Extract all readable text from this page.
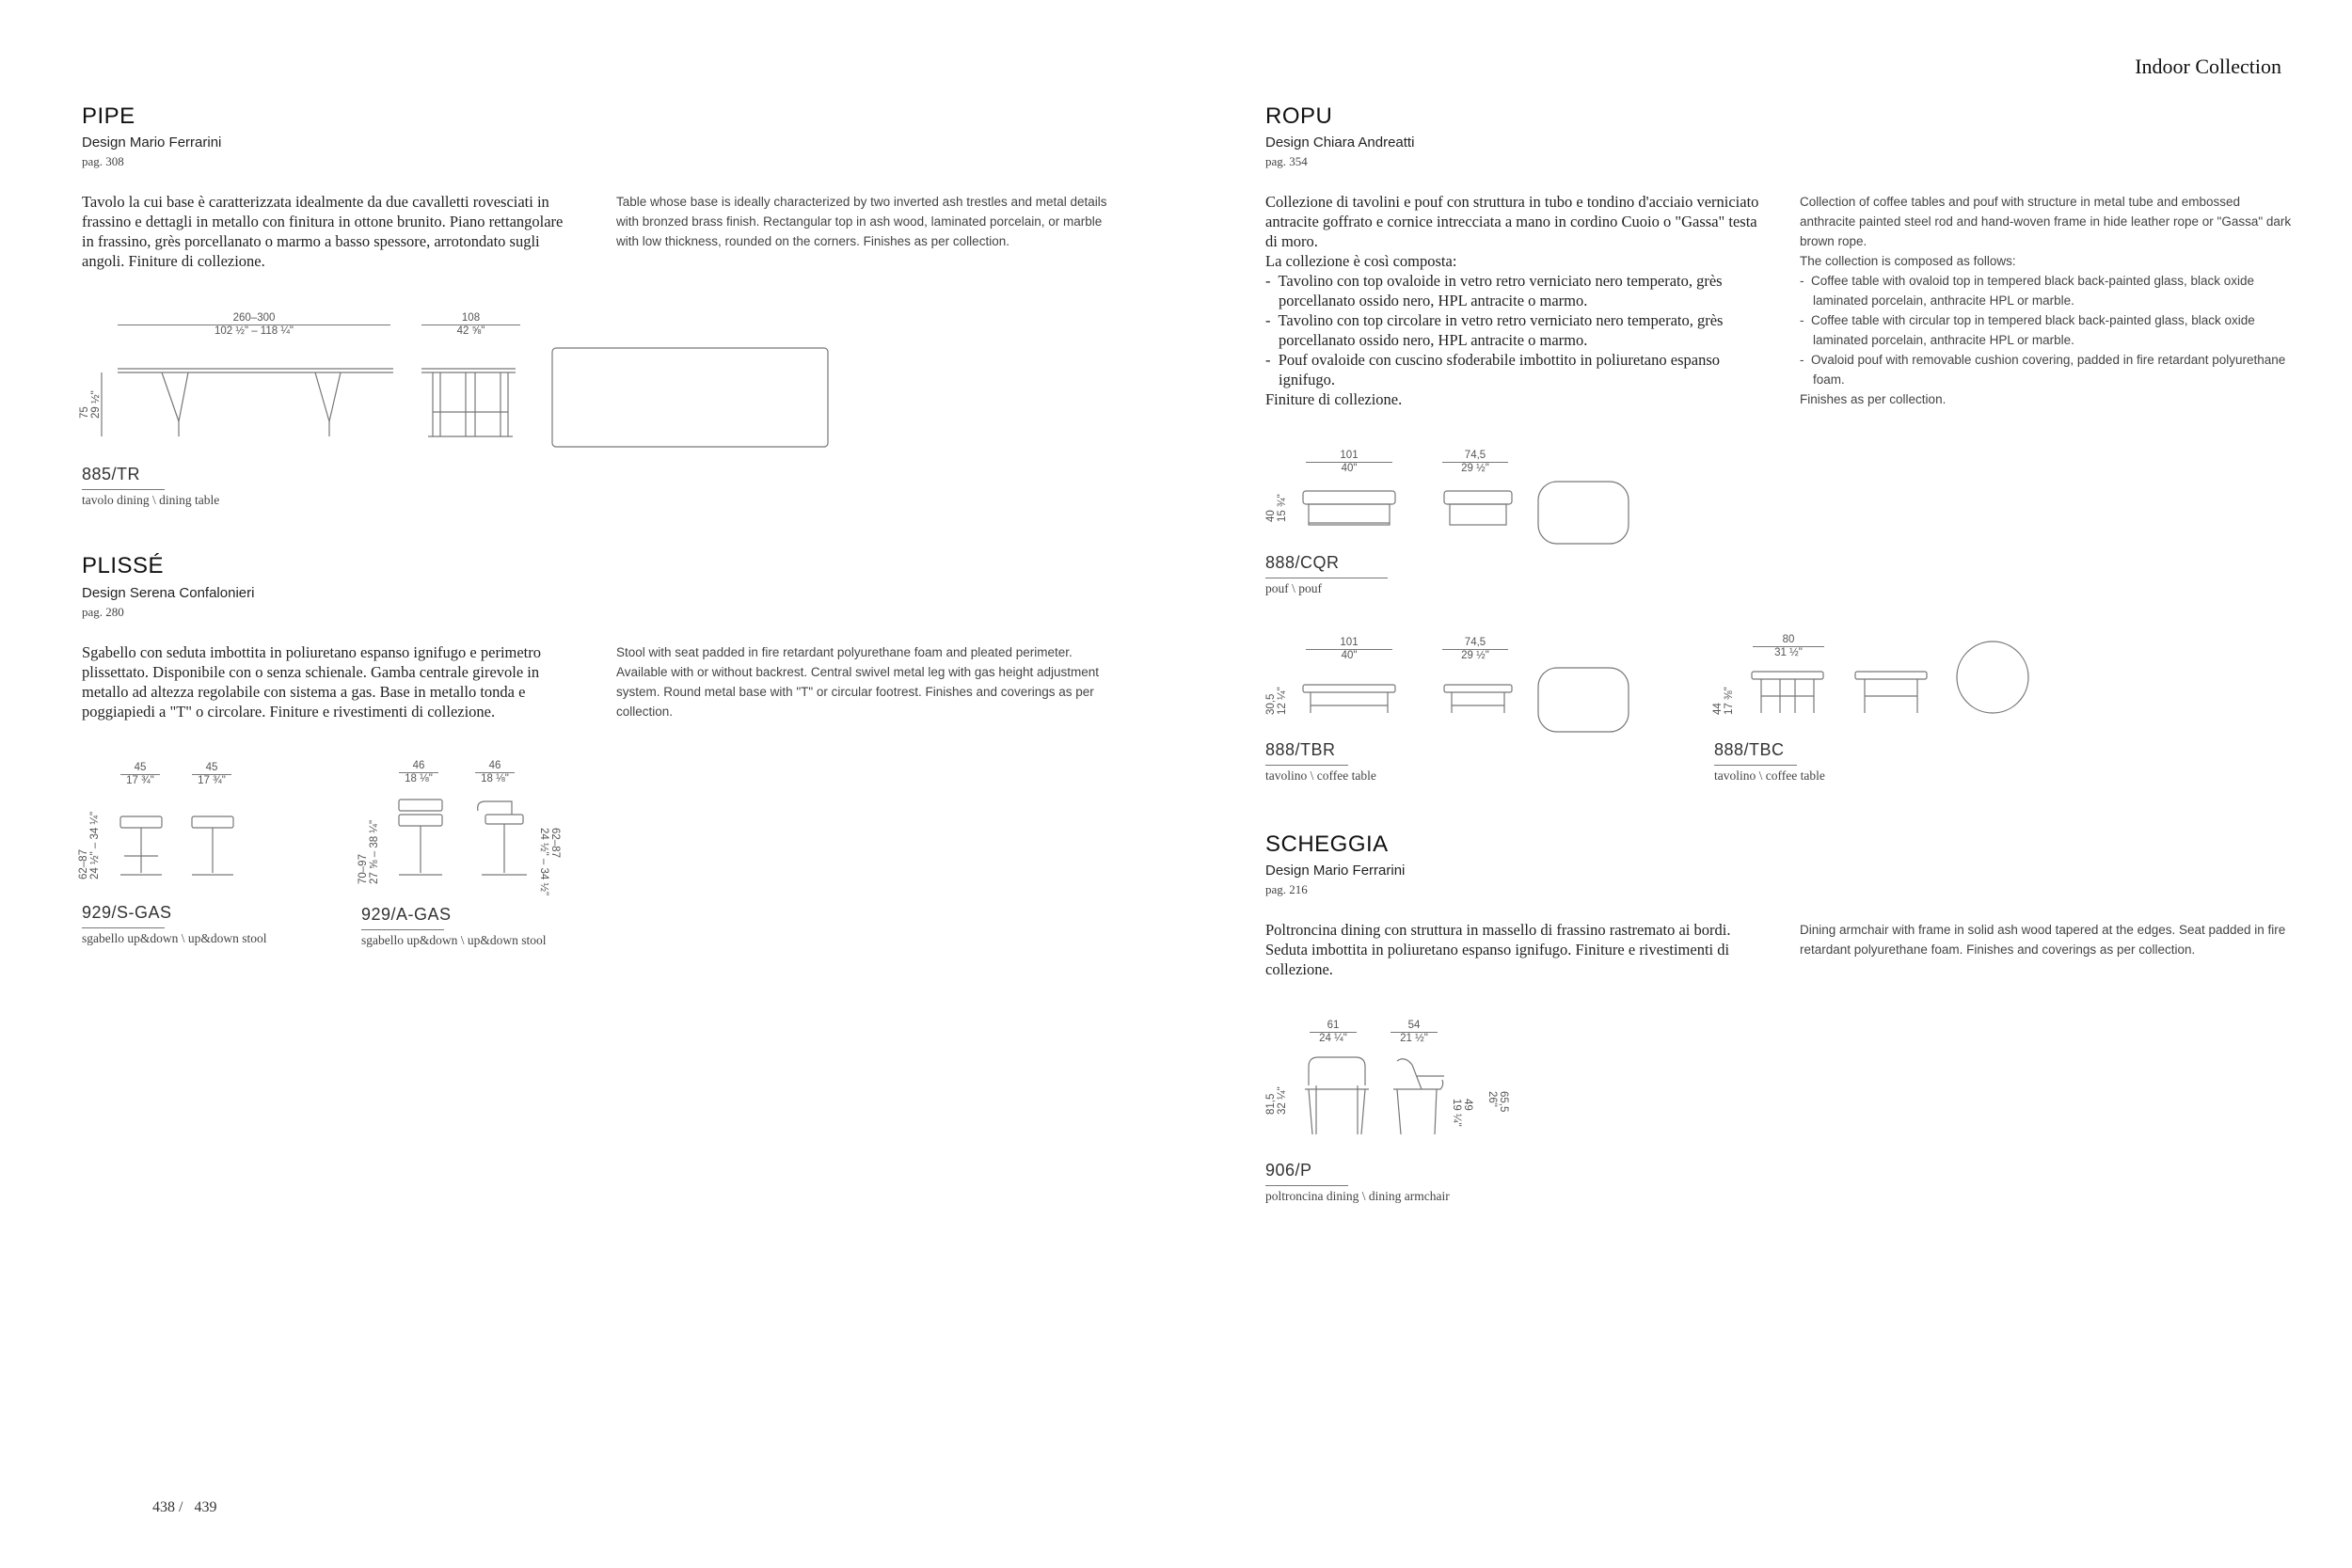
Indoor Collection
PIPE
Design Mario Ferrarini
pag. 308
Tavolo la cui base è caratterizzata idealmente da due cavalletti rovesciati in frassino e dettagli in metallo con finitura in ottone brunito. Piano rettangolare in frassino, grès porcellanato o marmo a basso spessore, arrotondato sugli angoli. Finiture di collezione.
Table whose base is ideally characterized by two inverted ash trestles and metal details with bronzed brass finish. Rectangular top in ash wood, laminated porcelain, or marble with low thickness, rounded on the corners. Finishes as per collection.
260–300
102 ½" – 118 ¼"
108
42 ⅝"
75
29 ½"
885/TR
tavolo dining \ dining table
PLISSÉ
Design Serena Confalonieri
pag. 280
Sgabello con seduta imbottita in poliuretano espanso ignifugo e perimetro plissettato. Disponibile con o senza schienale. Gamba centrale girevole in metallo ad altezza regolabile con sistema a gas. Base in metallo tonda e poggiapiedi a "T" o circolare. Finiture e rivestimenti di collezione.
Stool with seat padded in fire retardant polyurethane foam and pleated perimeter. Available with or without backrest. Central swivel metal leg with gas height adjustment system. Round metal base with "T" or circular footrest. Finishes and coverings as per collection.
45
17 ¾"
45
17 ¾"
62–87
24 ½" – 34 ¼"
929/S-GAS
sgabello up&down \ up&down stool
46
18 ⅛"
46
18 ⅛"
70–97
27 ⅝ – 38 ¼"	62–87
24 ½" – 34 ½"
929/A-GAS
sgabello up&down \ up&down stool
ROPU
Design Chiara Andreatti
pag. 354
Collezione di tavolini e pouf con struttura in tubo e tondino d'acciaio verniciato antracite goffrato e cornice intrecciata a mano in cordino Cuoio o "Gassa" testa di moro.
La collezione è così composta:
-  Tavolino con top ovaloide in vetro retro verniciato nero temperato, grès porcellanato ossido nero, HPL antracite o marmo.
-  Tavolino con top circolare in vetro retro verniciato nero temperato, grès porcellanato ossido nero, HPL antracite o marmo.
-  Pouf ovaloide con cuscino sfoderabile imbottito in poliuretano espanso ignifugo.
Finiture di collezione.
Collection of coffee tables and pouf with structure in metal tube and embossed anthracite painted steel rod and hand-woven frame in hide leather rope or "Gassa" dark brown rope.
The collection is composed as follows:
-  Coffee table with ovaloid top in tempered black back-painted glass, black oxide laminated porcelain, anthracite HPL or marble.
-  Coffee table with circular top in tempered black back-painted glass, black oxide laminated porcelain, anthracite HPL or marble.
-  Ovaloid pouf with removable cushion covering, padded in fire retardant polyurethane foam.
Finishes as per collection.
101
40"
74,5
29 ½"
40
15 ¾"
888/CQR
pouf \ pouf
101
40"
74,5
29 ½"
30,5
12 ¼"
888/TBR
tavolino \ coffee table
80
31 ½"
44
17 ⅜"
888/TBC
tavolino \ coffee table
SCHEGGIA
Design Mario Ferrarini
pag. 216
Poltroncina dining con struttura in massello di frassino rastremato ai bordi. Seduta imbottita in poliuretano espanso ignifugo. Finiture e rivestimenti di collezione.
Dining armchair with frame in solid ash wood tapered at the edges. Seat padded in fire retardant polyurethane foam. Finishes and coverings as per collection.
61
24 ¼"
54
21 ½"
81,5
32 ¼"	49
19 ¼"	65,5
26"
906/P
poltroncina dining \ dining armchair
438 /   439
